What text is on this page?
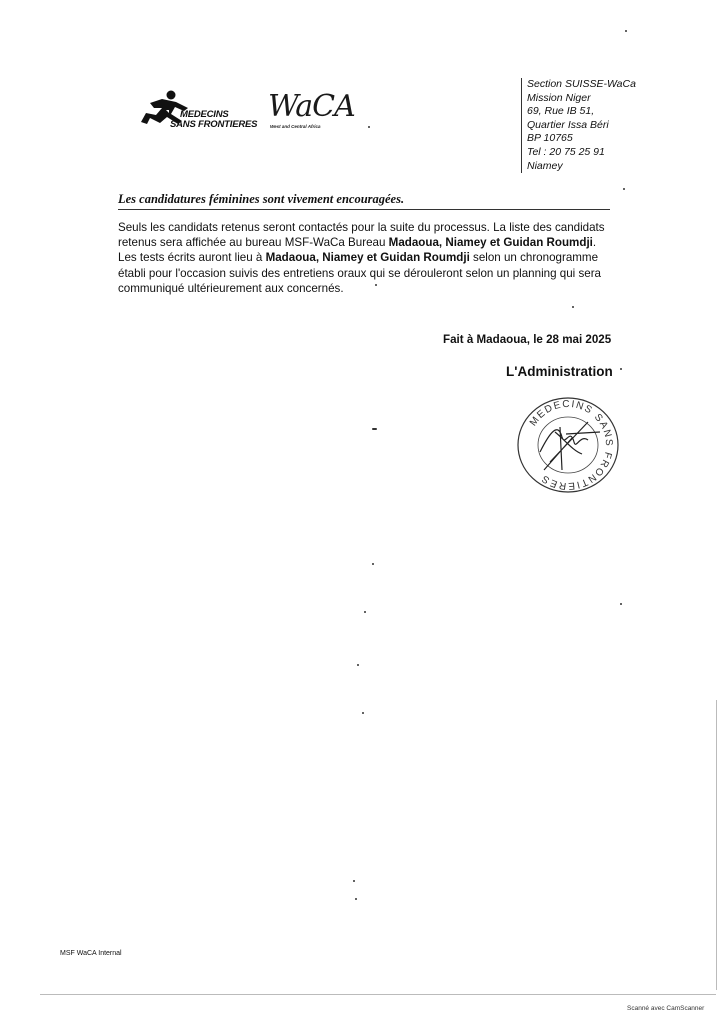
MEDECINS
SANS FRONTIERES
WaCA
West and Central Africa
Section SUISSE-WaCa
Mission Niger
69, Rue IB 51,
Quartier Issa Béri
BP 10765
Tel : 20 75 25 91
Niamey
Les candidatures féminines sont vivement encouragées.
Seuls les candidats retenus seront contactés pour la suite du processus. La liste des candidats retenus sera affichée au bureau MSF-WaCa Bureau Madaoua, Niamey et Guidan Roumdji.
Les tests écrits auront lieu à Madaoua, Niamey et Guidan Roumdji selon un chronogramme établi pour l'occasion suivis des entretiens oraux qui se dérouleront selon un planning qui sera communiqué ultérieurement aux concernés.
Fait à Madaoua, le 28 mai 2025
L'Administration
MEDECINS SANS FRONTIERES
MSF WaCA Internal
Scanné avec CamScanner
